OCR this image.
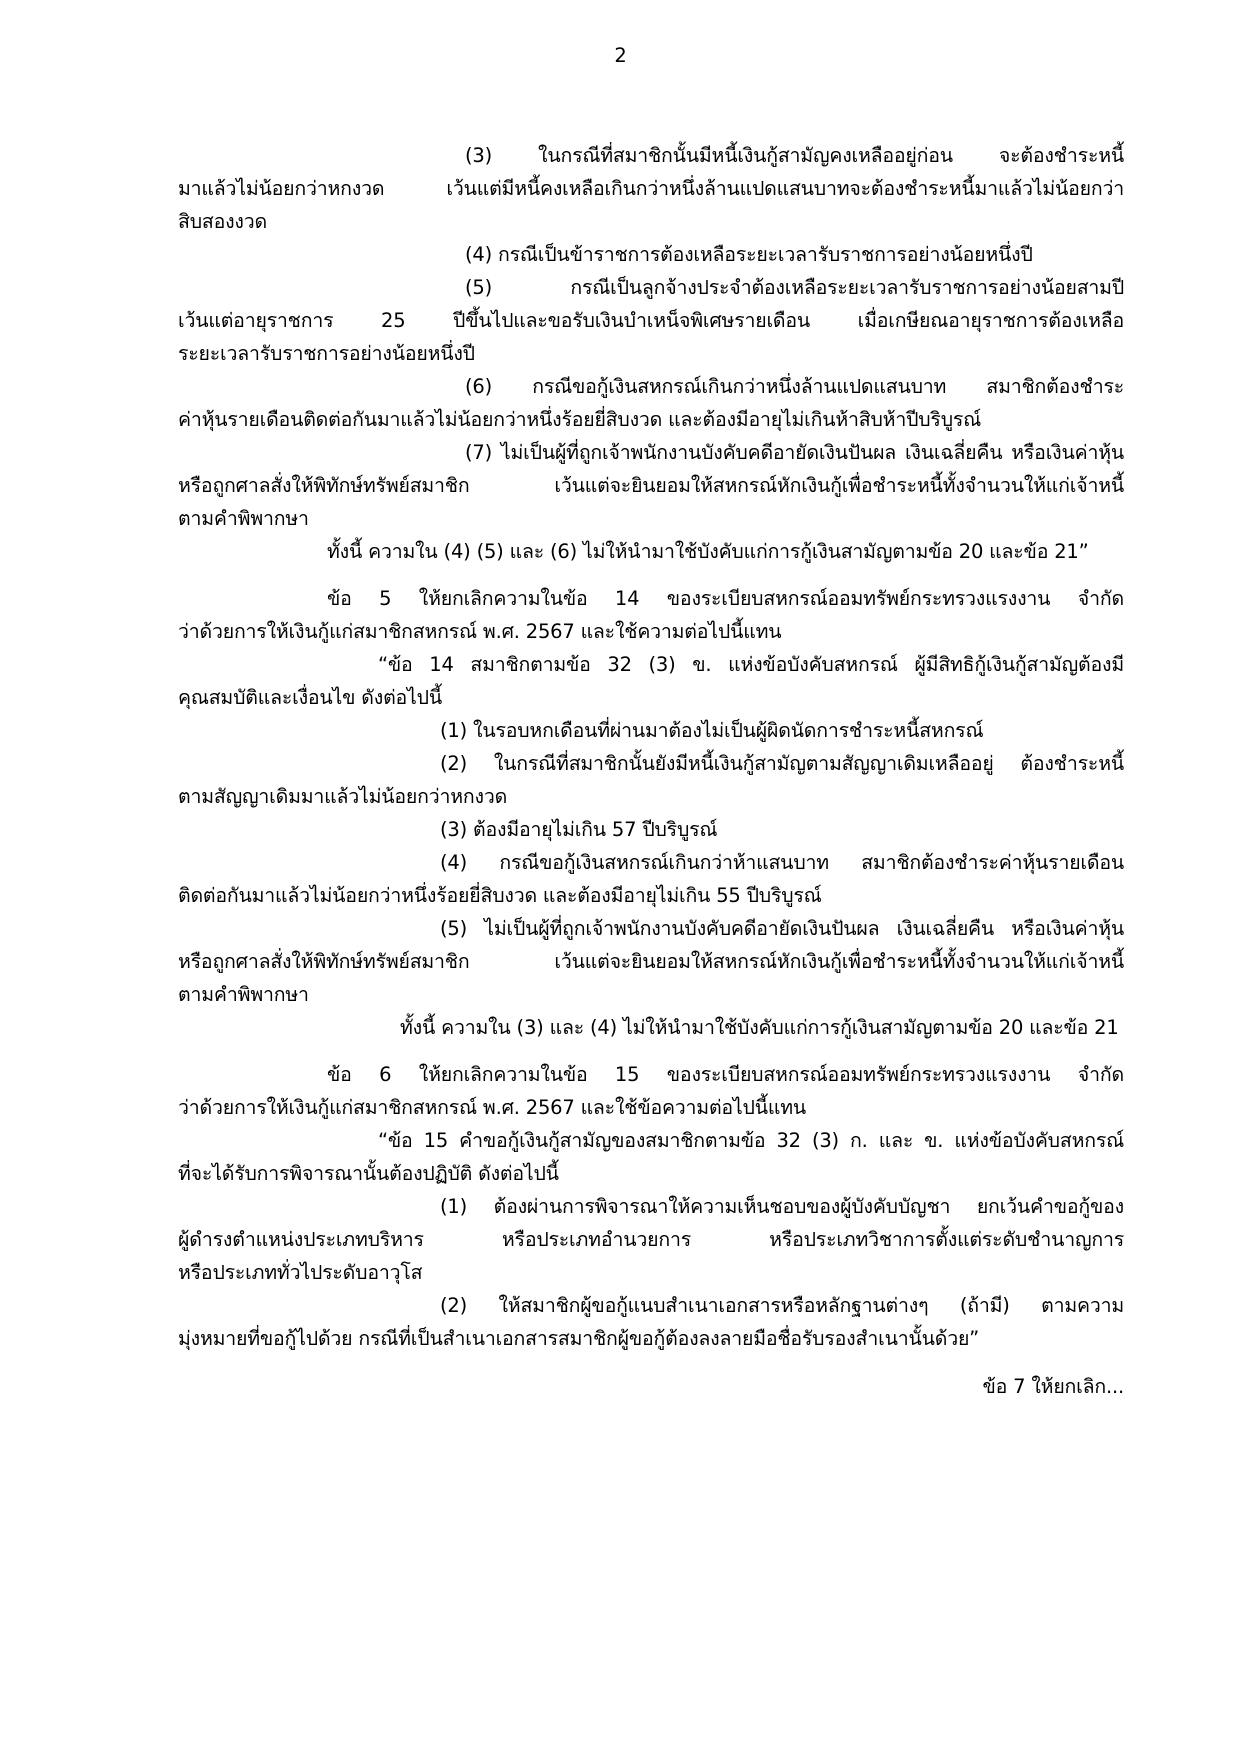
2
(3) ในกรณีที่สมาชิกนั้นมีหนี้เงินกู้สามัญคงเหลืออยู่ก่อน จะต้องชำระหนี้
มาแล้วไม่น้อยกว่าหกงวด เว้นแต่มีหนี้คงเหลือเกินกว่าหนึ่งล้านแปดแสนบาทจะต้องชำระหนี้มาแล้วไม่น้อยกว่า
สิบสองงวด
(4) กรณีเป็นข้าราชการต้องเหลือระยะเวลารับราชการอย่างน้อยหนึ่งปี
(5) กรณีเป็นลูกจ้างประจำต้องเหลือระยะเวลารับราชการอย่างน้อยสามปี
เว้นแต่อายุราชการ 25 ปีขึ้นไปและขอรับเงินบำเหน็จพิเศษรายเดือน เมื่อเกษียณอายุราชการต้องเหลือ
ระยะเวลารับราชการอย่างน้อยหนึ่งปี
(6) กรณีขอกู้เงินสหกรณ์เกินกว่าหนึ่งล้านแปดแสนบาท สมาชิกต้องชำระ
ค่าหุ้นรายเดือนติดต่อกันมาแล้วไม่น้อยกว่าหนึ่งร้อยยี่สิบงวด และต้องมีอายุไม่เกินห้าสิบห้าปีบริบูรณ์
(7) ไม่เป็นผู้ที่ถูกเจ้าพนักงานบังคับคดีอายัดเงินปันผล เงินเฉลี่ยคืน หรือเงินค่าหุ้น
หรือถูกศาลสั่งให้พิทักษ์ทรัพย์สมาชิก เว้นแต่จะยินยอมให้สหกรณ์หักเงินกู้เพื่อชำระหนี้ทั้งจำนวนให้แก่เจ้าหนี้
ตามคำพิพากษา
ทั้งนี้ ความใน (4) (5) และ (6) ไม่ให้นำมาใช้บังคับแก่การกู้เงินสามัญตามข้อ 20 และข้อ 21”
ข้อ 5 ให้ยกเลิกความในข้อ 14 ของระเบียบสหกรณ์ออมทรัพย์กระทรวงแรงงาน จำกัด
ว่าด้วยการให้เงินกู้แก่สมาชิกสหกรณ์ พ.ศ. 2567 และใช้ความต่อไปนี้แทน
“ข้อ 14 สมาชิกตามข้อ 32 (3) ข. แห่งข้อบังคับสหกรณ์ ผู้มีสิทธิกู้เงินกู้สามัญต้องมี
คุณสมบัติและเงื่อนไข ดังต่อไปนี้
(1) ในรอบหกเดือนที่ผ่านมาต้องไม่เป็นผู้ผิดนัดการชำระหนี้สหกรณ์
(2) ในกรณีที่สมาชิกนั้นยังมีหนี้เงินกู้สามัญตามสัญญาเดิมเหลืออยู่ ต้องชำระหนี้
ตามสัญญาเดิมมาแล้วไม่น้อยกว่าหกงวด
(3) ต้องมีอายุไม่เกิน 57 ปีบริบูรณ์
(4) กรณีขอกู้เงินสหกรณ์เกินกว่าห้าแสนบาท สมาชิกต้องชำระค่าหุ้นรายเดือน
ติดต่อกันมาแล้วไม่น้อยกว่าหนึ่งร้อยยี่สิบงวด และต้องมีอายุไม่เกิน 55 ปีบริบูรณ์
(5) ไม่เป็นผู้ที่ถูกเจ้าพนักงานบังคับคดีอายัดเงินปันผล เงินเฉลี่ยคืน หรือเงินค่าหุ้น
หรือถูกศาลสั่งให้พิทักษ์ทรัพย์สมาชิก เว้นแต่จะยินยอมให้สหกรณ์หักเงินกู้เพื่อชำระหนี้ทั้งจำนวนให้แก่เจ้าหนี้
ตามคำพิพากษา
ทั้งนี้ ความใน (3) และ (4) ไม่ให้นำมาใช้บังคับแก่การกู้เงินสามัญตามข้อ 20 และข้อ 21
ข้อ 6 ให้ยกเลิกความในข้อ 15 ของระเบียบสหกรณ์ออมทรัพย์กระทรวงแรงงาน จำกัด
ว่าด้วยการให้เงินกู้แก่สมาชิกสหกรณ์ พ.ศ. 2567 และใช้ข้อความต่อไปนี้แทน
“ข้อ 15 คำขอกู้เงินกู้สามัญของสมาชิกตามข้อ 32 (3) ก. และ ข. แห่งข้อบังคับสหกรณ์
ที่จะได้รับการพิจารณานั้นต้องปฏิบัติ ดังต่อไปนี้
(1) ต้องผ่านการพิจารณาให้ความเห็นชอบของผู้บังคับบัญชา ยกเว้นคำขอกู้ของ
ผู้ดำรงตำแหน่งประเภทบริหาร หรือประเภทอำนวยการ หรือประเภทวิชาการตั้งแต่ระดับชำนาญการ
หรือประเภททั่วไประดับอาวุโส
(2) ให้สมาชิกผู้ขอกู้แนบสำเนาเอกสารหรือหลักฐานต่างๆ (ถ้ามี) ตามความ
มุ่งหมายที่ขอกู้ไปด้วย กรณีที่เป็นสำเนาเอกสารสมาชิกผู้ขอกู้ต้องลงลายมือชื่อรับรองสำเนานั้นด้วย”
ข้อ 7 ให้ยกเลิก...
